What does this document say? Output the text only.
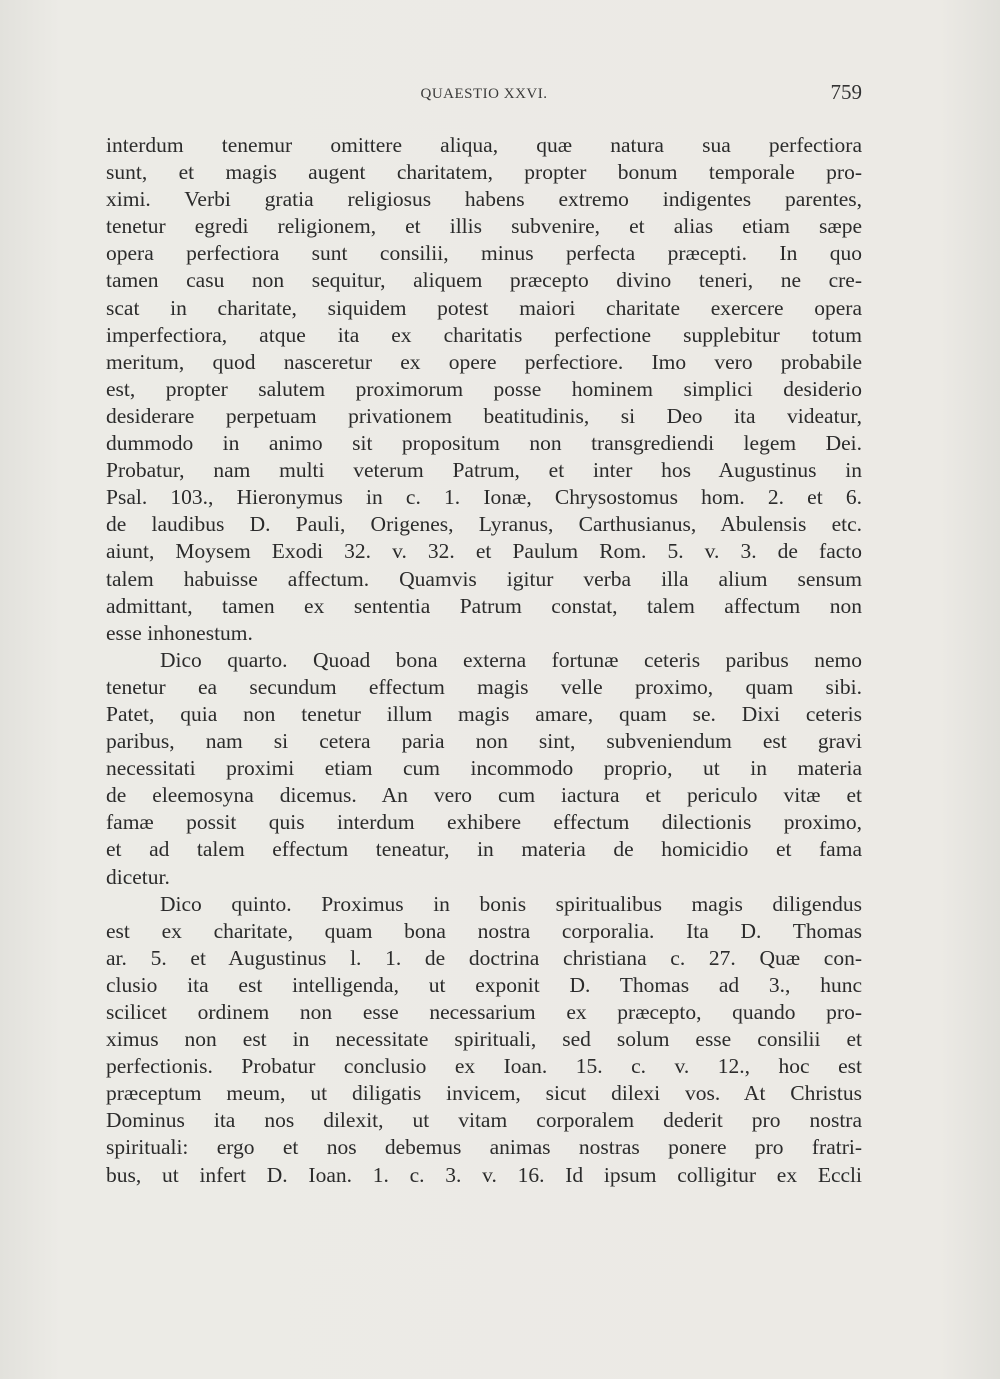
QUAESTIO XXVI.	759
interdum tenemur omittere aliqua, quæ natura sua perfectiora
sunt, et magis augent charitatem, propter bonum temporale pro-
ximi. Verbi gratia religiosus habens extremo indigentes parentes,
tenetur egredi religionem, et illis subvenire, et alias etiam sæpe
opera perfectiora sunt consilii, minus perfecta præcepti. In quo
tamen casu non sequitur, aliquem præcepto divino teneri, ne cre-
scat in charitate, siquidem potest maiori charitate exercere opera
imperfectiora, atque ita ex charitatis perfectione supplebitur totum
meritum, quod nasceretur ex opere perfectiore. Imo vero probabile
est, propter salutem proximorum posse hominem simplici desiderio
desiderare perpetuam privationem beatitudinis, si Deo ita videatur,
dummodo in animo sit propositum non transgrediendi legem Dei.
Probatur, nam multi veterum Patrum, et inter hos Augustinus in
Psal. 103., Hieronymus in c. 1. Ionæ, Chrysostomus hom. 2. et 6.
de laudibus D. Pauli, Origenes, Lyranus, Carthusianus, Abulensis etc.
aiunt, Moysem Exodi 32. v. 32. et Paulum Rom. 5. v. 3. de facto
talem habuisse affectum. Quamvis igitur verba illa alium sensum
admittant, tamen ex sententia Patrum constat, talem affectum non
esse inhonestum.
Dico quarto. Quoad bona externa fortunæ ceteris paribus nemo
tenetur ea secundum effectum magis velle proximo, quam sibi.
Patet, quia non tenetur illum magis amare, quam se. Dixi ceteris
paribus, nam si cetera paria non sint, subveniendum est gravi
necessitati proximi etiam cum incommodo proprio, ut in materia
de eleemosyna dicemus. An vero cum iactura et periculo vitæ et
famæ possit quis interdum exhibere effectum dilectionis proximo,
et ad talem effectum teneatur, in materia de homicidio et fama
dicetur.
Dico quinto. Proximus in bonis spiritualibus magis diligendus
est ex charitate, quam bona nostra corporalia. Ita D. Thomas
ar. 5. et Augustinus l. 1. de doctrina christiana c. 27. Quæ con-
clusio ita est intelligenda, ut exponit D. Thomas ad 3., hunc
scilicet ordinem non esse necessarium ex præcepto, quando pro-
ximus non est in necessitate spirituali, sed solum esse consilii et
perfectionis. Probatur conclusio ex Ioan. 15. c. v. 12., hoc est
præceptum meum, ut diligatis invicem, sicut dilexi vos. At Christus
Dominus ita nos dilexit, ut vitam corporalem dederit pro nostra
spirituali: ergo et nos debemus animas nostras ponere pro fratri-
bus, ut infert D. Ioan. 1. c. 3. v. 16. Id ipsum colligitur ex Eccli
